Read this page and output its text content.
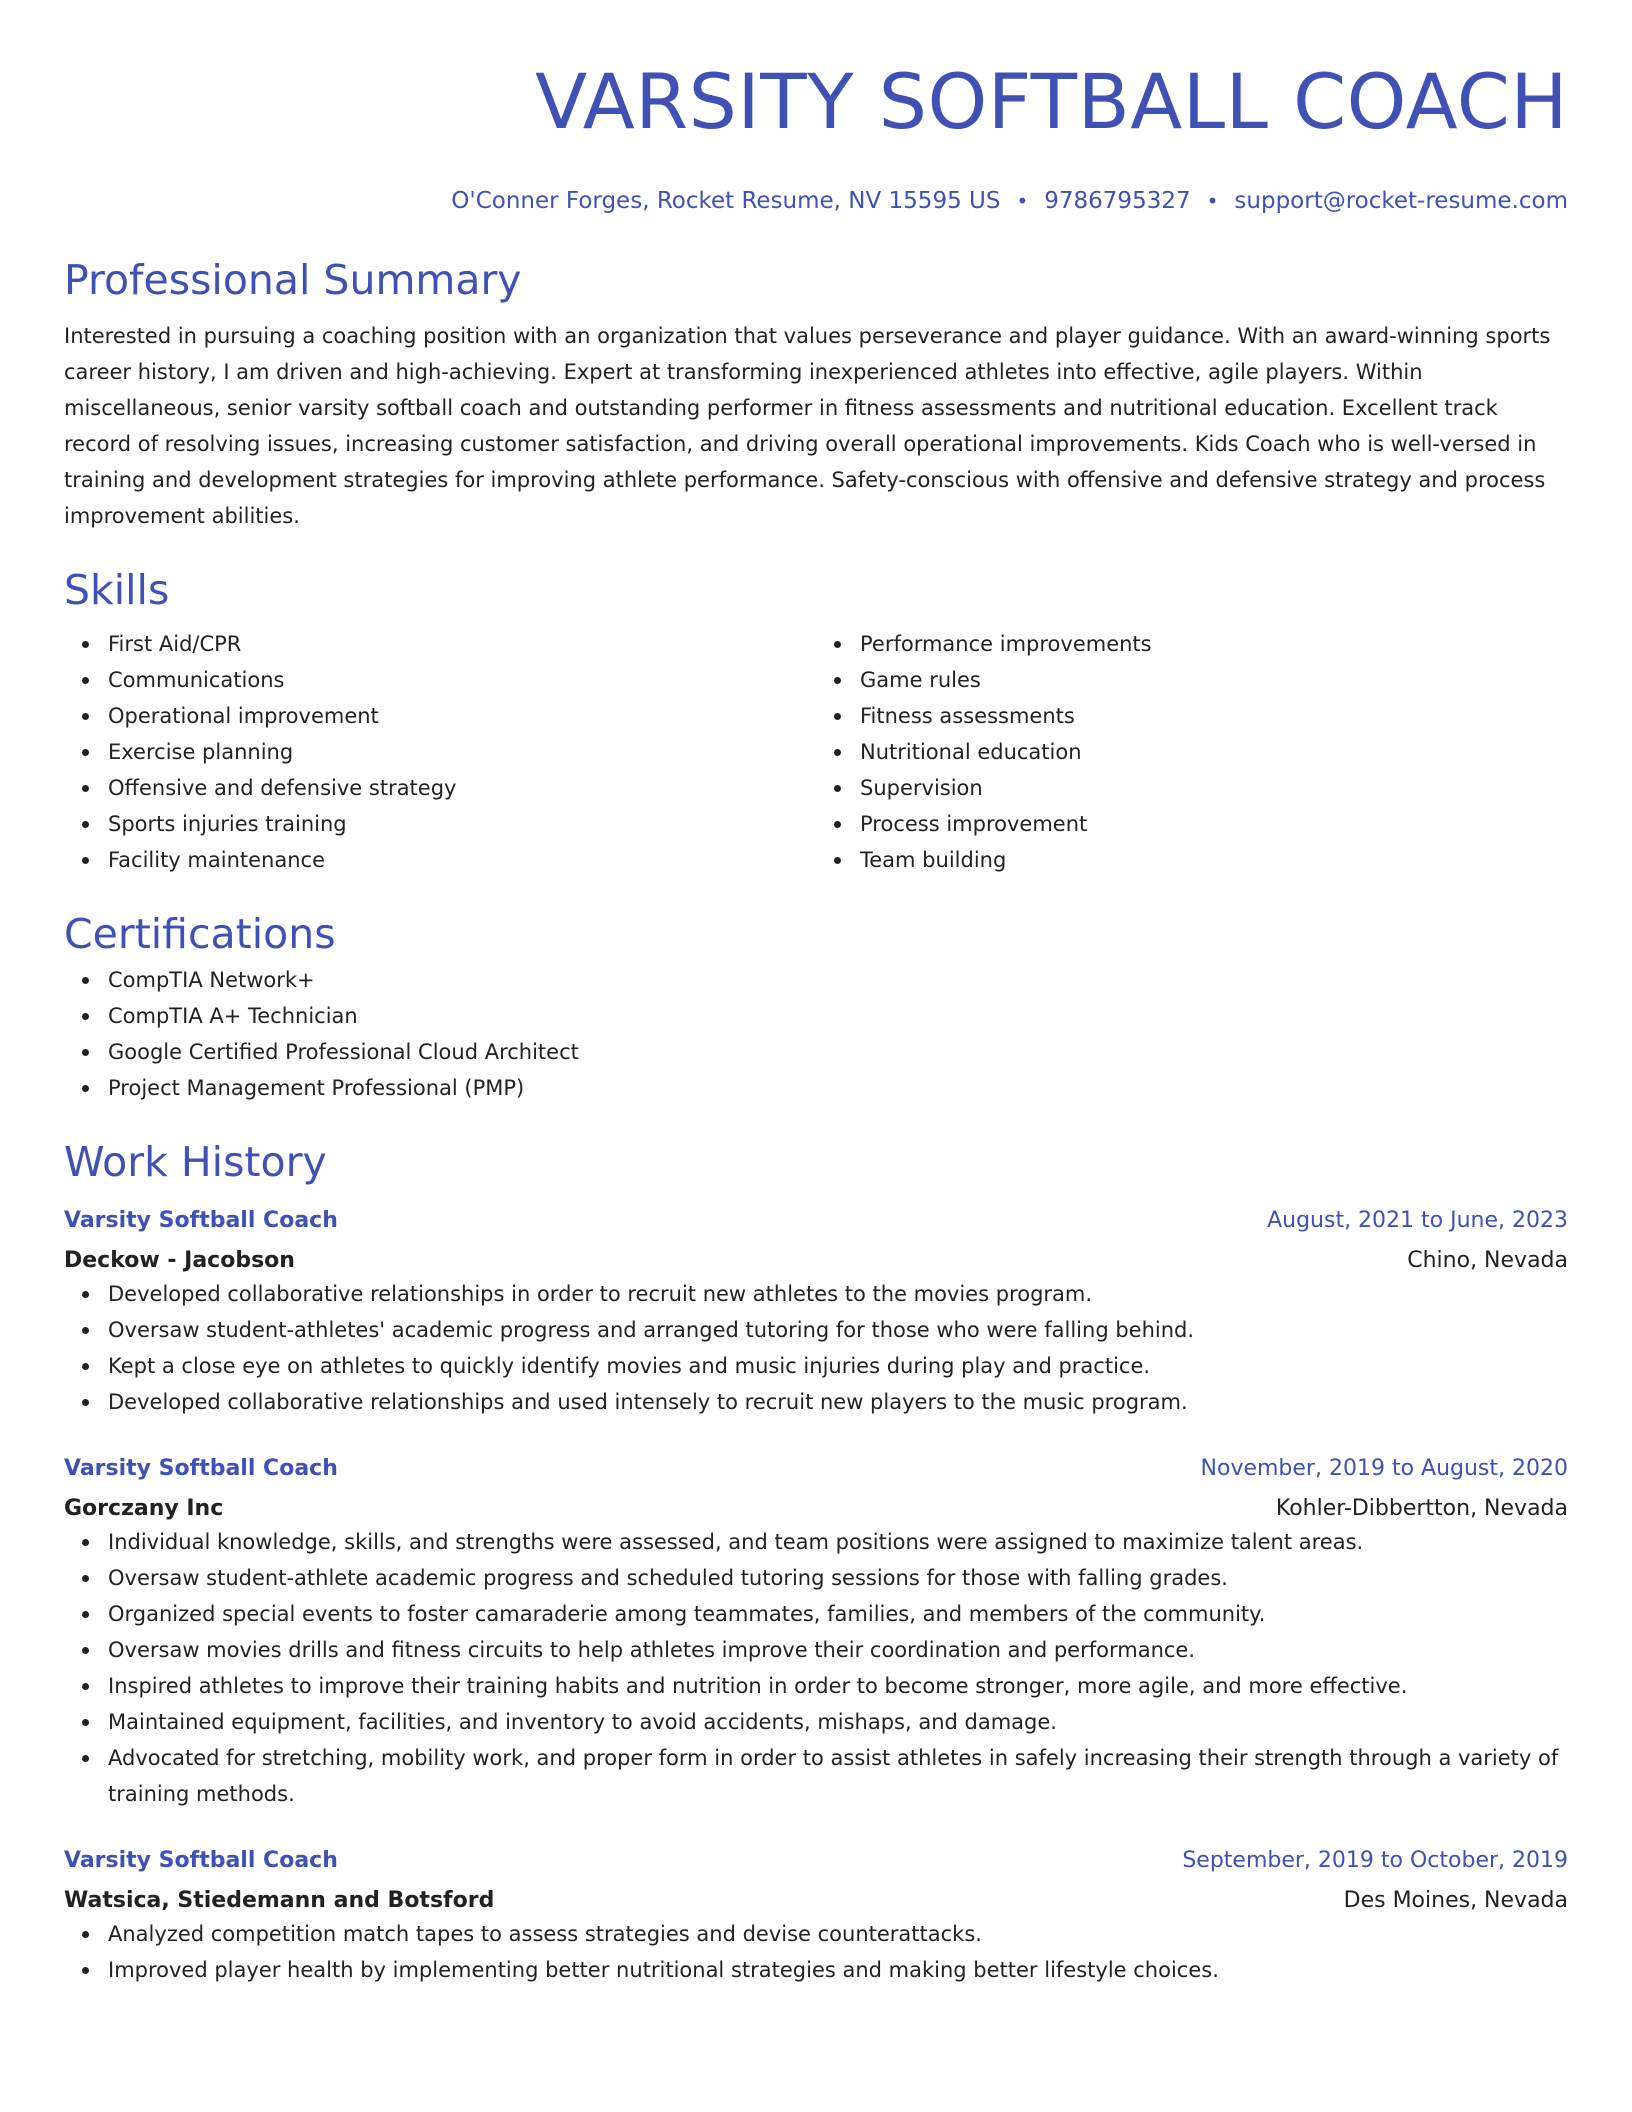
VARSITY SOFTBALL COACH
O'Conner Forges, Rocket Resume, NV 15595 US • 9786795327 • support@rocket-resume.com
Professional Summary

Interested in pursuing a coaching position with an organization that values perseverance and player guidance. With an award-winning sports career history, I am driven and high-achieving. Expert at transforming inexperienced athletes into effective, agile players. Within miscellaneous, senior varsity softball coach and outstanding performer in fitness assessments and nutritional education. Excellent track record of resolving issues, increasing customer satisfaction, and driving overall operational improvements. Kids Coach who is well-versed in training and development strategies for improving athlete performance. Safety-conscious with offensive and defensive strategy and process improvement abilities.

Skills
First Aid/CPR
Communications
Operational improvement
Exercise planning
Offensive and defensive strategy
Sports injuries training
Facility maintenance
Performance improvements
Game rules
Fitness assessments
Nutritional education
Supervision
Process improvement
Team building
Certifications
CompTIA Network+
CompTIA A+ Technician
Google Certified Professional Cloud Architect
Project Management Professional (PMP)
Work History
Varsity Softball Coach	August, 2021 to June, 2023
Deckow - Jacobson	Chino, Nevada
Developed collaborative relationships in order to recruit new athletes to the movies program.
Oversaw student-athletes' academic progress and arranged tutoring for those who were falling behind.
Kept a close eye on athletes to quickly identify movies and music injuries during play and practice.
Developed collaborative relationships and used intensely to recruit new players to the music program.
Varsity Softball Coach	November, 2019 to August, 2020
Gorczany Inc	Kohler-Dibbertton, Nevada
Individual knowledge, skills, and strengths were assessed, and team positions were assigned to maximize talent areas.
Oversaw student-athlete academic progress and scheduled tutoring sessions for those with falling grades.
Organized special events to foster camaraderie among teammates, families, and members of the community.
Oversaw movies drills and fitness circuits to help athletes improve their coordination and performance.
Inspired athletes to improve their training habits and nutrition in order to become stronger, more agile, and more effective.
Maintained equipment, facilities, and inventory to avoid accidents, mishaps, and damage.
Advocated for stretching, mobility work, and proper form in order to assist athletes in safely increasing their strength through a variety of training methods.
Varsity Softball Coach	September, 2019 to October, 2019
Watsica, Stiedemann and Botsford	Des Moines, Nevada
Analyzed competition match tapes to assess strategies and devise counterattacks.
Improved player health by implementing better nutritional strategies and making better lifestyle choices.
